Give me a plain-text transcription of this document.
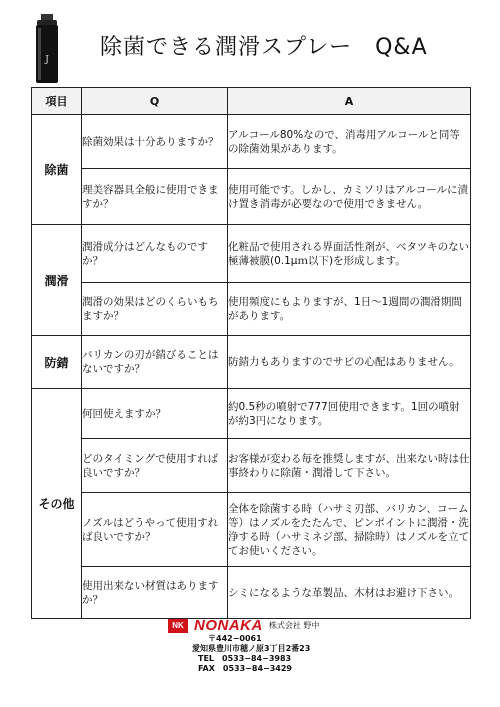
J 除菌できる潤滑スプレー　Q&A
項目	Q	A
除菌	除菌効果は十分ありますか？	アルコール80%なので、消毒用アルコールと同等の除菌効果があります。
	理美容器具全般に使用できますか？	使用可能です。しかし、カミソリはアルコールに漬け置き消毒が必要なので使用できません。
潤滑	潤滑成分はどんなものですか？	化粧品で使用される界面活性剤が、ベタツキのない極薄被膜(0.1μｍ以下)を形成します。
	潤滑の効果はどのくらいもちますか？	使用頻度にもよりますが、1日～1週間の潤滑期間があります。
防錆	バリカンの刃が錆びることはないですか？	防錆力もありますのでサビの心配はありません。
その他	何回使えますか？	約0.5秒の噴射で777回使用できます。1回の噴射が約3円になります。
	どのタイミングで使用すれば良いですか？	お客様が変わる毎を推奨しますが、出来ない時は仕事終わりに除菌・潤滑して下さい。
	ノズルはどうやって使用すれば良いですか？	全体を除菌する時（ハサミ刃部、バリカン、コーム等）はノズルをたたんで、ピンポイントに潤滑・洗浄する時（ハサミネジ部、掃除時）はノズルを立ててお使いください。
	使用出来ない材質はありますか？	シミになるような革製品、木材はお避け下さい。
NK NONAKA 株式会社 野中
〒442−0061
愛知県豊川市穂ノ原3丁目2番23
TEL　0533−84−3983
FAX　0533−84−3429
